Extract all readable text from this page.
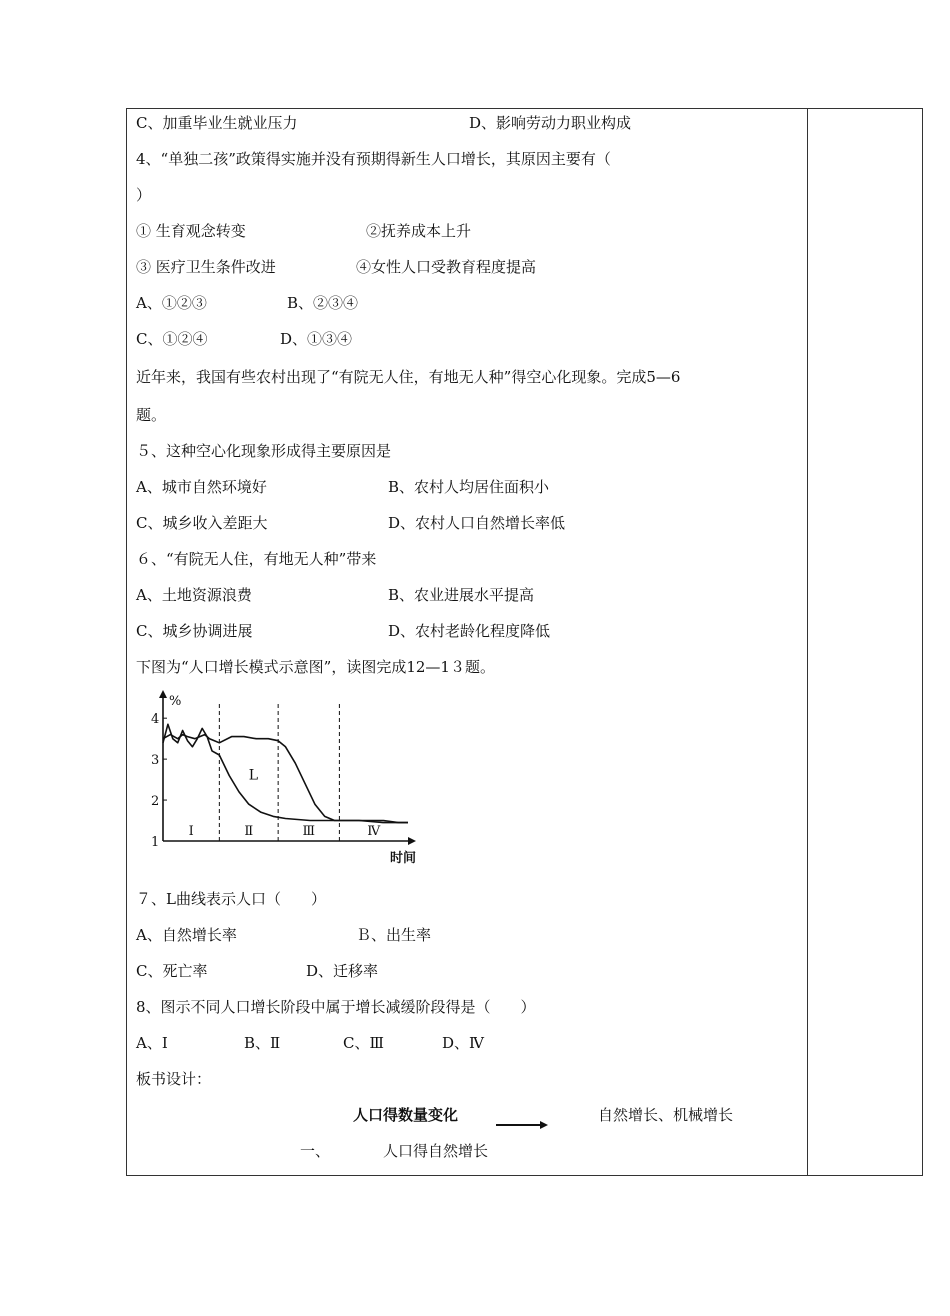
C、加重毕业生就业压力	D、影响劳动力职业构成
4、“单独二孩”政策得实施并没有预期得新生人口增长，其原因主要有（
）
① 生育观念转变	②抚养成本上升
③ 医疗卫生条件改进	④女性人口受教育程度提高
A、①②③	B、②③④
C、①②④	D、①③④
近年来，我国有些农村出现了“有院无人住，有地无人种”得空心化现象。完成5—6
题。
５、这种空心化现象形成得主要原因是
A、城市自然环境好	B、农村人均居住面积小
C、城乡收入差距大	D、农村人口自然增长率低
６、“有院无人住，有地无人种”带来
A、土地资源浪费	B、农业进展水平提高
C、城乡协调进展	D、农村老龄化程度降低
下图为“人口增长模式示意图”，读图完成12—1３题。
1
2
3
4
%
时间
Ⅰ	Ⅱ	Ⅲ	Ⅳ
L
７、L曲线表示人口（　　）
A、自然增长率	Ｂ、出生率
C、死亡率	D、迁移率
8、图示不同人口增长阶段中属于增长减缓阶段得是（　　）
A、Ⅰ	B、Ⅱ	C、Ⅲ	D、Ⅳ
板书设计：
人口得数量变化	自然增长、机械增长
一、	人口得自然增长
